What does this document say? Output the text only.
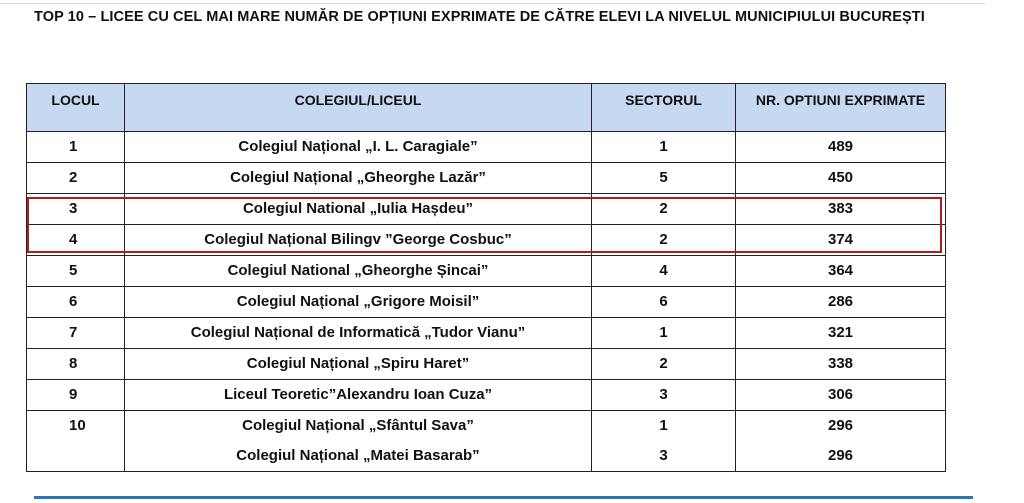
TOP 10 – LICEE CU CEL MAI MARE NUMĂR DE OPȚIUNI EXPRIMATE DE CĂTRE ELEVI LA NIVELUL MUNICIPIULUI BUCUREȘTI
LOCUL	COLEGIUL/LICEUL	SECTORUL	NR. OPTIUNI EXPRIMATE
1	Colegiul Național „I. L. Caragiale”	1	489
2	Colegiul Național „Gheorghe Lazăr”	5	450
3	Colegiul National „Iulia Hașdeu”	2	383
4	Colegiul Național Bilingv ”George Cosbuc”	2	374
5	Colegiul National „Gheorghe Șincai”	4	364
6	Colegiul Național „Grigore Moisil”	6	286
7	Colegiul Național de Informatică „Tudor Vianu”	1	321
8	Colegiul Național „Spiru Haret”	2	338
9	Liceul Teoretic”Alexandru Ioan Cuza”	3	306
10	Colegiul Național „Sfântul Sava”	1	296
	Colegiul Național „Matei Basarab”	3	296
